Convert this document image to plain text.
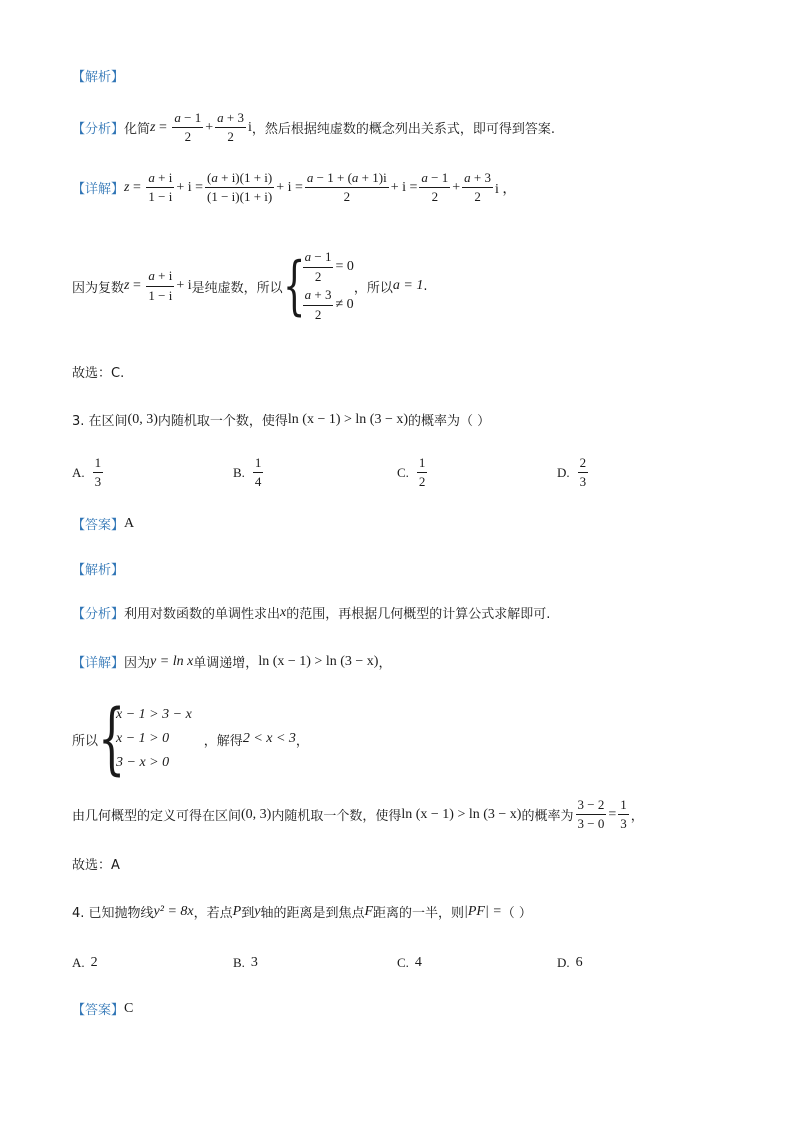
【解析】
【分析】 化简 $z = \frac{a - 1}{2} + \frac{a + 3}{2}$ i ，然后根据纯虚数的概念列出关系式，即可得到答案.
【详解】 $z = \frac{a + i}{1 - i} + i = \frac{(a + i)(1 + i)}{(1 - i)(1 + i)} + i = \frac{a - 1 + (a + 1)i}{2} + i = \frac{a - 1}{2} + \frac{a + 3}{2}$ i ，
因为复数 $z = \frac{a + i}{1 - i} + i$ 是纯虚数，所以 {
$\frac{a - 1}{2} = 0$
$\frac{a + 3}{2} \ne 0$
，所以 a = 1 .
故选：C.
3. 在区间 (0, 3) 内随机取一个数，使得 ln (x − 1) > ln (3 − x) 的概率为（ ）
A. $\frac{1}{3}$	B. $\frac{1}{4}$	C. $\frac{1}{2}$	D. $\frac{2}{3}$
【答案】 A
【解析】
【分析】 利用对数函数的单调性求出 x 的范围，再根据几何概型的计算公式求解即可.
【详解】 因为 y = ln x 单调递增， ln (x − 1) > ln (3 − x) ，
所以 {
x − 1 > 3 − x
x − 1 > 0
3 − x > 0
，解得 2 < x < 3 ，
由几何概型的定义可得在区间 (0, 3) 内随机取一个数，使得 ln (x − 1) > ln (3 − x) 的概率为 $\frac{3 - 2}{3 - 0} = \frac{1}{3}$ ，
故选：A
4. 已知抛物线 y² = 8x ，若点 P 到 y 轴的距离是到焦点 F 距离的一半，则 |PF| = （ ）
A. 2	B. 3	C. 4	D. 6
【答案】 C
